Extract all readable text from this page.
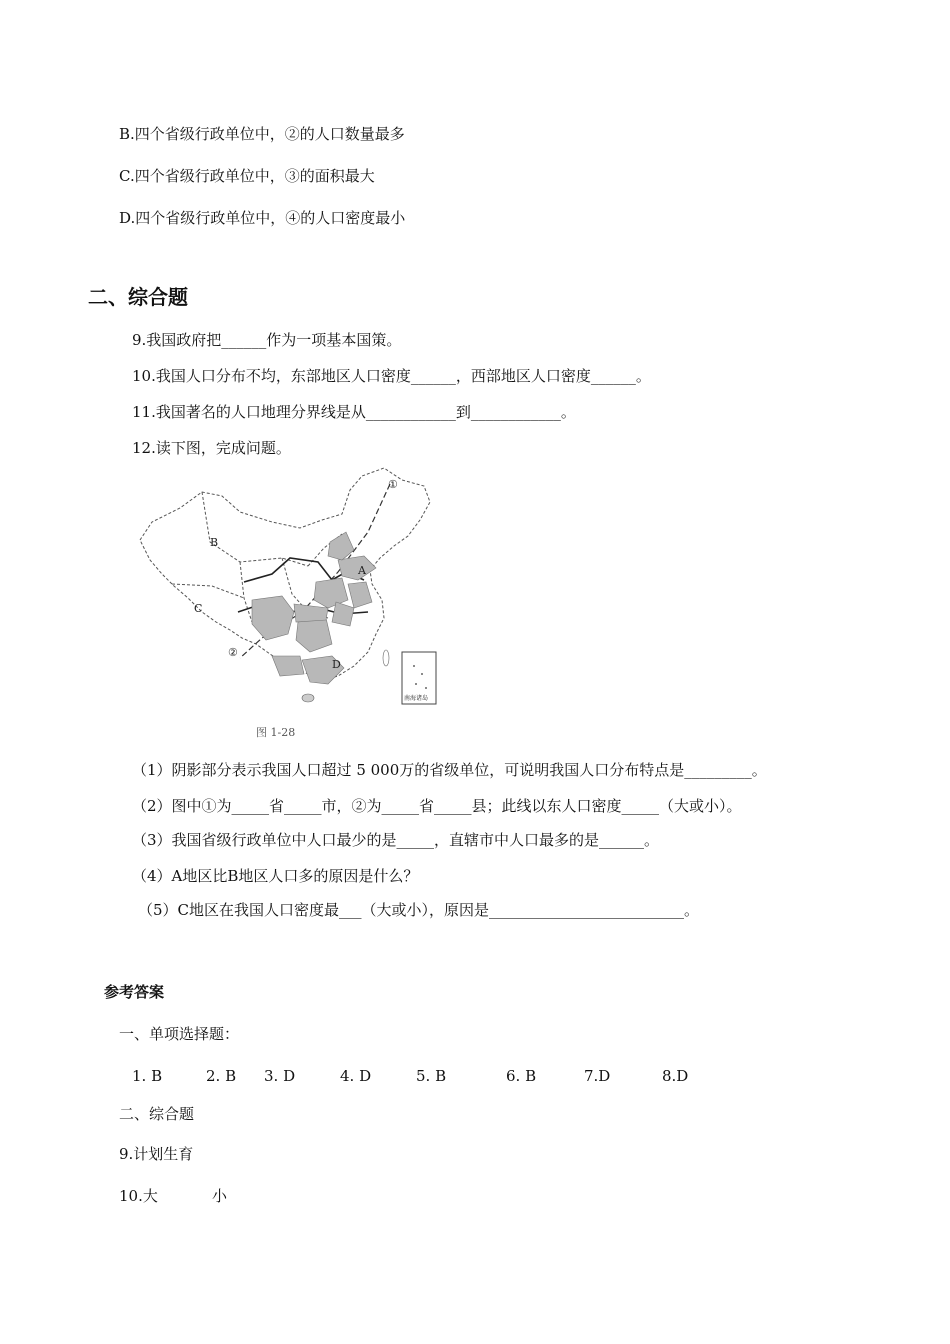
B.四个省级行政单位中，②的人口数量最多
C.四个省级行政单位中，③的面积最大
D.四个省级行政单位中，④的人口密度最小
二、综合题
9.我国政府把______作为一项基本国策。
10.我国人口分布不均，东部地区人口密度______，西部地区人口密度______。
11.我国著名的人口地理分界线是从____________到____________。
12.读下图，完成问题。
B
C
A
D
①
②
南海诸岛
图 1-28
（1）阴影部分表示我国人口超过 5 000万的省级单位，可说明我国人口分布特点是_________。
（2）图中①为_____省_____市，②为_____省_____县；此线以东人口密度_____（大或小）。
（3）我国省级行政单位中人口最少的是_____，直辖市中人口最多的是______。
（4）A地区比B地区人口多的原因是什么？
（5）C地区在我国人口密度最___（大或小），原因是__________________________。
参考答案
一、单项选择题：
1. B	2. B 3. D	4. D	5. B	6. B	7.D	8.D
二、综合题
9.计划生育
10.大	小
